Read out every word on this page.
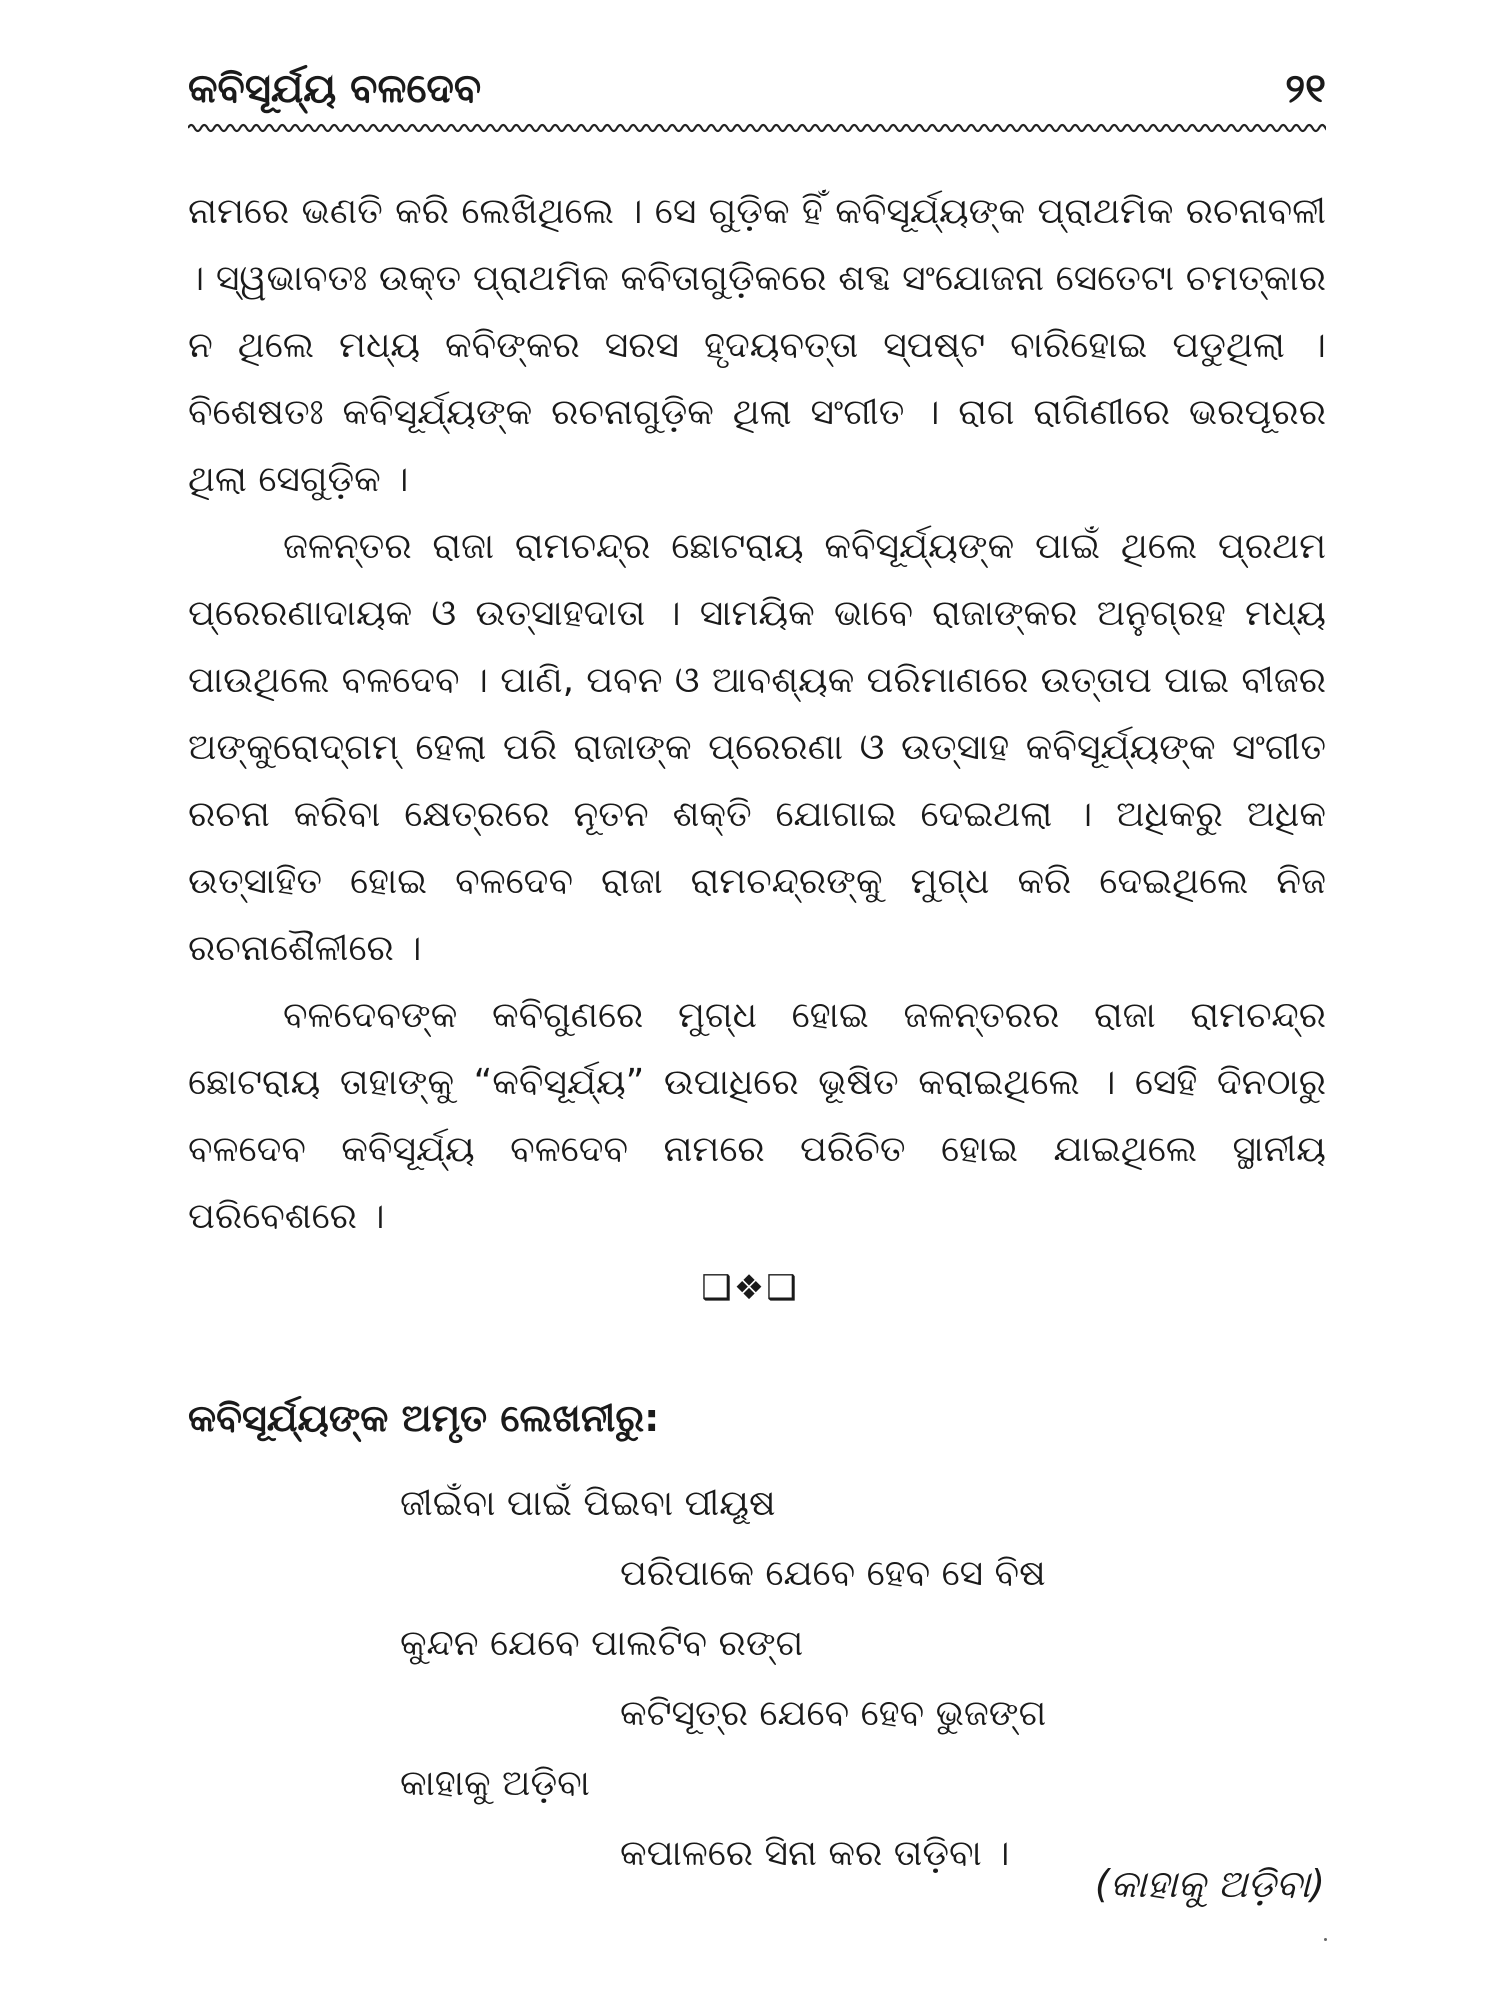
କବିସୂର୍ଯ୍ୟ ବଳଦେବ	୨୧

ନାମରେ ଭଣତି କରି ଲେଖିଥିଲେ । ସେ ଗୁଡ଼ିକ ହିଁ କବିସୂର୍ଯ୍ୟଙ୍କ ପ୍ରାଥମିକ ରଚନାବଳୀ । ସ୍ୱଭାବତଃ ଉକ୍ତ ପ୍ରାଥମିକ କବିତାଗୁଡ଼ିକରେ ଶବ୍ଦ ସଂଯୋଜନା ସେତେଟା ଚମତ୍କାର ନ ଥିଲେ ମଧ୍ୟ କବିଙ୍କର ସରସ ହୃଦୟବତ୍ତା ସ୍ପଷ୍ଟ ବାରିହୋଇ ପଡୁଥିଲା । ବିଶେଷତଃ କବିସୂର୍ଯ୍ୟଙ୍କ ରଚନାଗୁଡ଼ିକ ଥିଲା ସଂଗୀତ । ରାଗ ରାଗିଣୀରେ ଭରପୂରର ଥିଲା ସେଗୁଡ଼ିକ ।

ଜଳନ୍ତର ରାଜା ରାମଚନ୍ଦ୍ର ଛୋଟରାୟ କବିସୂର୍ଯ୍ୟଙ୍କ ପାଇଁ ଥିଲେ ପ୍ରଥମ ପ୍ରେରଣାଦାୟକ ଓ ଉତ୍ସାହଦାତା । ସାମୟିକ ଭାବେ ରାଜାଙ୍କର ଅନୁଗ୍ରହ ମଧ୍ୟ ପାଉଥିଲେ ବଳଦେବ । ପାଣି, ପବନ ଓ ଆବଶ୍ୟକ ପରିମାଣରେ ଉତ୍ତାପ ପାଇ ବୀଜର ଅଙ୍କୁରୋଦ୍‌ଗମ୍ ହେଲା ପରି ରାଜାଙ୍କ ପ୍ରେରଣା ଓ ଉତ୍ସାହ କବିସୂର୍ଯ୍ୟଙ୍କ ସଂଗୀତ ରଚନା କରିବା କ୍ଷେତ୍ରରେ ନୂତନ ଶକ୍ତି ଯୋଗାଇ ଦେଇଥଲା । ଅଧିକରୁ ଅଧିକ ଉତ୍ସାହିତ ହୋଇ ବଳଦେବ ରାଜା ରାମଚନ୍ଦ୍ରଙ୍କୁ ମୁଗ୍ଧ କରି ଦେଇଥିଲେ ନିଜ ରଚନାଶୈଳୀରେ ।

ବଳଦେବଙ୍କ କବିଗୁଣରେ ମୁଗ୍ଧ ହୋଇ ଜଳନ୍ତରର ରାଜା ରାମଚନ୍ଦ୍ର ଛୋଟରାୟ ତାହାଙ୍କୁ “କବିସୂର୍ଯ୍ୟ” ଉପାଧିରେ ଭୂଷିତ କରାଇଥିଲେ । ସେହି ଦିନଠାରୁ ବଳଦେବ କବିସୂର୍ଯ୍ୟ ବଳଦେବ ନାମରେ ପରିଚିତ ହୋଇ ଯାଇଥିଲେ ସ୍ଥାନୀୟ ପରିବେଶରେ ।

❑❖❑
କବିସୂର୍ଯ୍ୟଙ୍କ ଅମୃତ ଲେଖନୀରୁ:
ଜୀଇଁବା ପାଇଁ ପିଇବା ପୀୟୂଷ
ପରିପାକେ ଯେବେ ହେବ ସେ ବିଷ
କୁନ୍ଦନ ଯେବେ ପାଲଟିବ ରଙ୍ଗ
କଟିସୂତ୍ର ଯେବେ ହେବ ଭୁଜଙ୍ଗ
କାହାକୁ ଅଡ଼ିବା
କପାଳରେ ସିନା କର ତାଡ଼ିବା ।
(କାହାକୁ ଅଡ଼ିବା)
